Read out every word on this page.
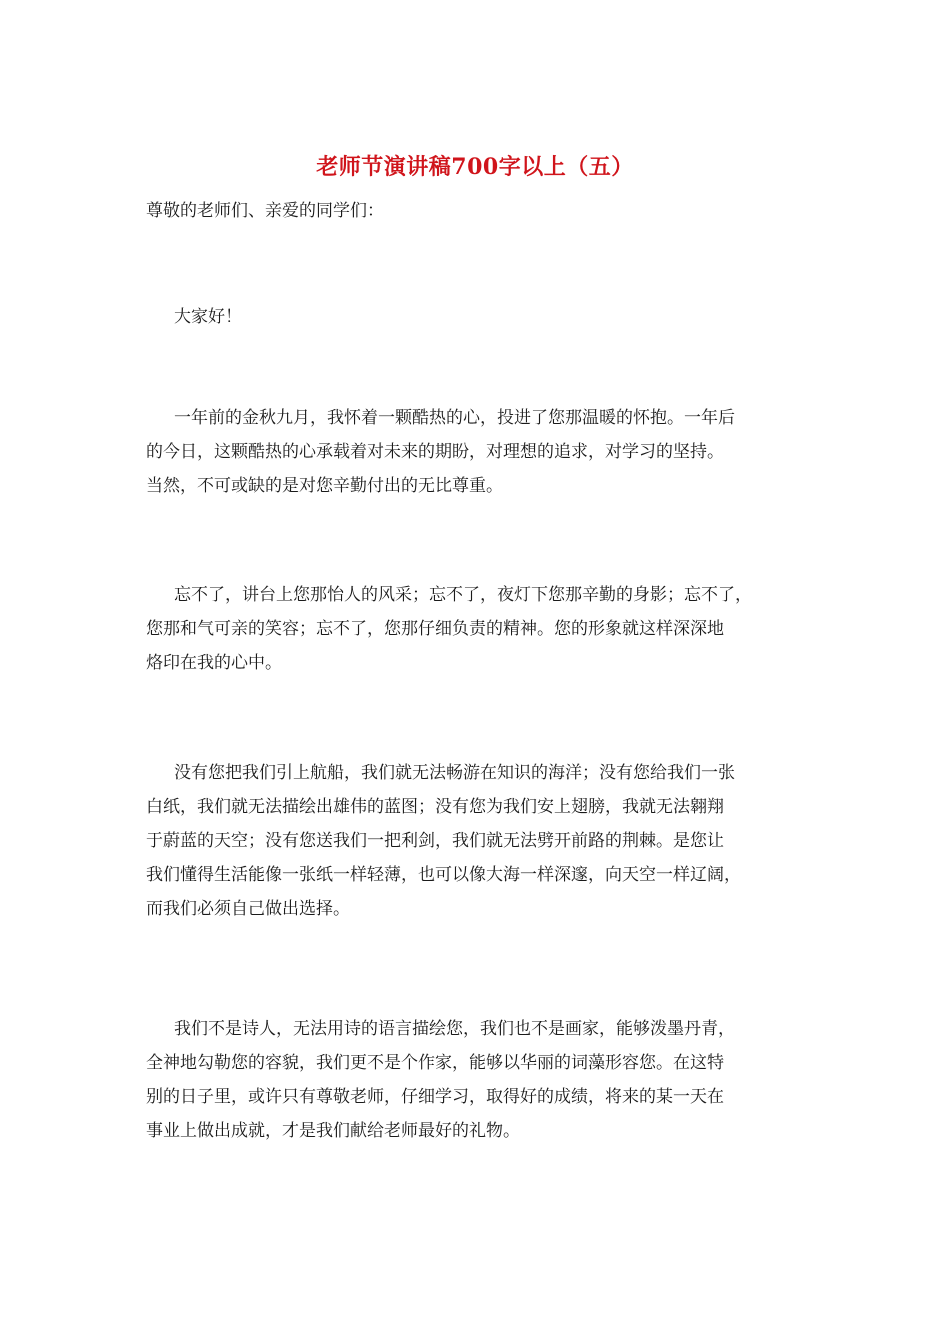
老师节演讲稿700字以上（五）
尊敬的老师们、亲爱的同学们：
大家好！
一年前的金秋九月，我怀着一颗酷热的心，投进了您那温暖的怀抱。一年后
的今日，这颗酷热的心承载着对未来的期盼，对理想的追求，对学习的坚持。
当然，不可或缺的是对您辛勤付出的无比尊重。
忘不了，讲台上您那怡人的风采；忘不了，夜灯下您那辛勤的身影；忘不了，
您那和气可亲的笑容；忘不了，您那仔细负责的精神。您的形象就这样深深地
烙印在我的心中。
没有您把我们引上航船，我们就无法畅游在知识的海洋；没有您给我们一张
白纸，我们就无法描绘出雄伟的蓝图；没有您为我们安上翅膀，我就无法翱翔
于蔚蓝的天空；没有您送我们一把利剑，我们就无法劈开前路的荆棘。是您让
我们懂得生活能像一张纸一样轻薄，也可以像大海一样深邃，向天空一样辽阔，
而我们必须自己做出选择。
我们不是诗人，无法用诗的语言描绘您，我们也不是画家，能够泼墨丹青，
全神地勾勒您的容貌，我们更不是个作家，能够以华丽的词藻形容您。在这特
别的日子里，或许只有尊敬老师，仔细学习，取得好的成绩，将来的某一天在
事业上做出成就，才是我们献给老师最好的礼物。
